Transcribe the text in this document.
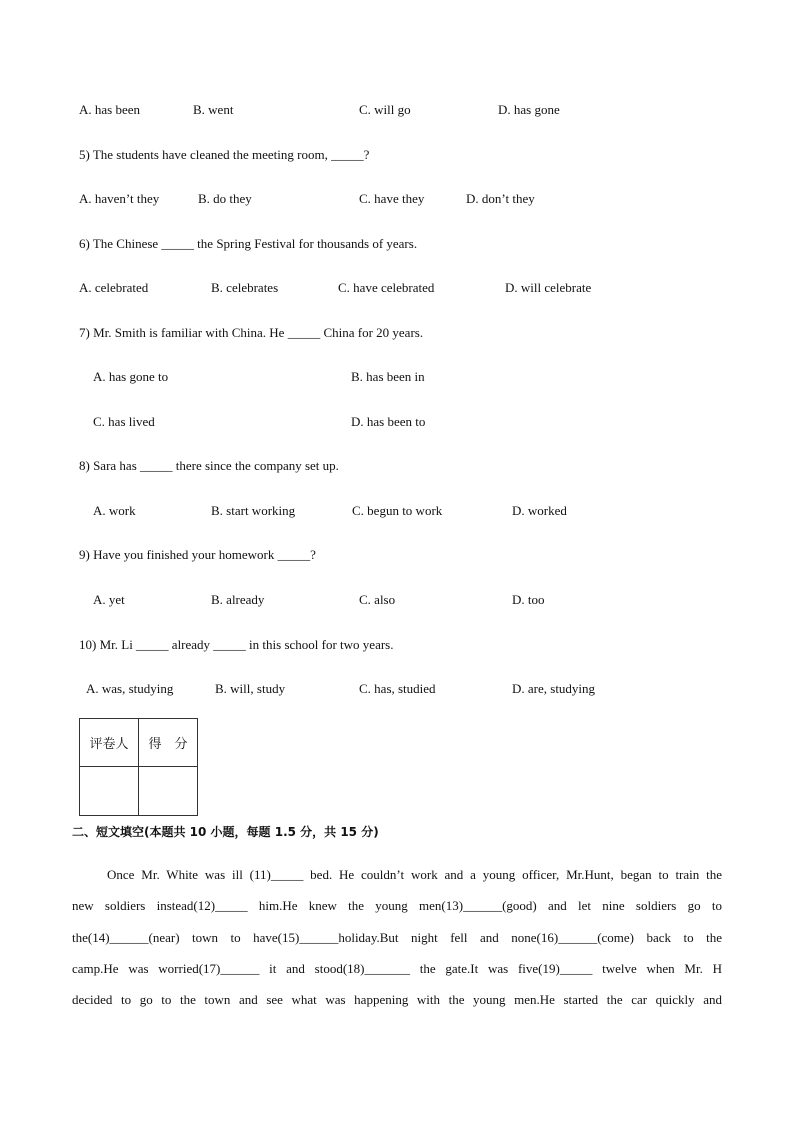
A. has been	B. went	C. will go	D. has gone
5) The students have cleaned the meeting room, _____?
A. haven’t they	B. do they	C. have they	D. don’t they
6) The Chinese _____ the Spring Festival for thousands of years.
A. celebrated	B. celebrates	C. have celebrated	D. will celebrate
7) Mr. Smith is familiar with China. He _____ China for 20 years.
A. has gone to	B. has been in
C. has lived	D. has been to
8) Sara has _____ there since the company set up.
A. work	B. start working	C. begun to work	D. worked
9) Have you finished your homework _____?
A. yet	B. already	C. also	D. too
10) Mr. Li _____ already _____ in this school for two years.
A. was, studying	B. will, study	C. has, studied	D. are, studying
评卷人	得　分

二、短文填空(本题共 10 小题，每题 1.5 分，共 15 分)
Once Mr. White was ill (11)_____ bed. He couldn’t work and a young officer, Mr.Hunt, began to train the
new soldiers instead(12)_____ him.He knew the young men(13)______(good) and let nine soldiers go to
the(14)______(near) town to have(15)______holiday.But night fell and none(16)______(come) back to the
camp.He was worried(17)______ it and stood(18)_______ the gate.It was five(19)_____ twelve when Mr. H
decided to go to the town and see what was happening with the young men.He started the car quickly and
